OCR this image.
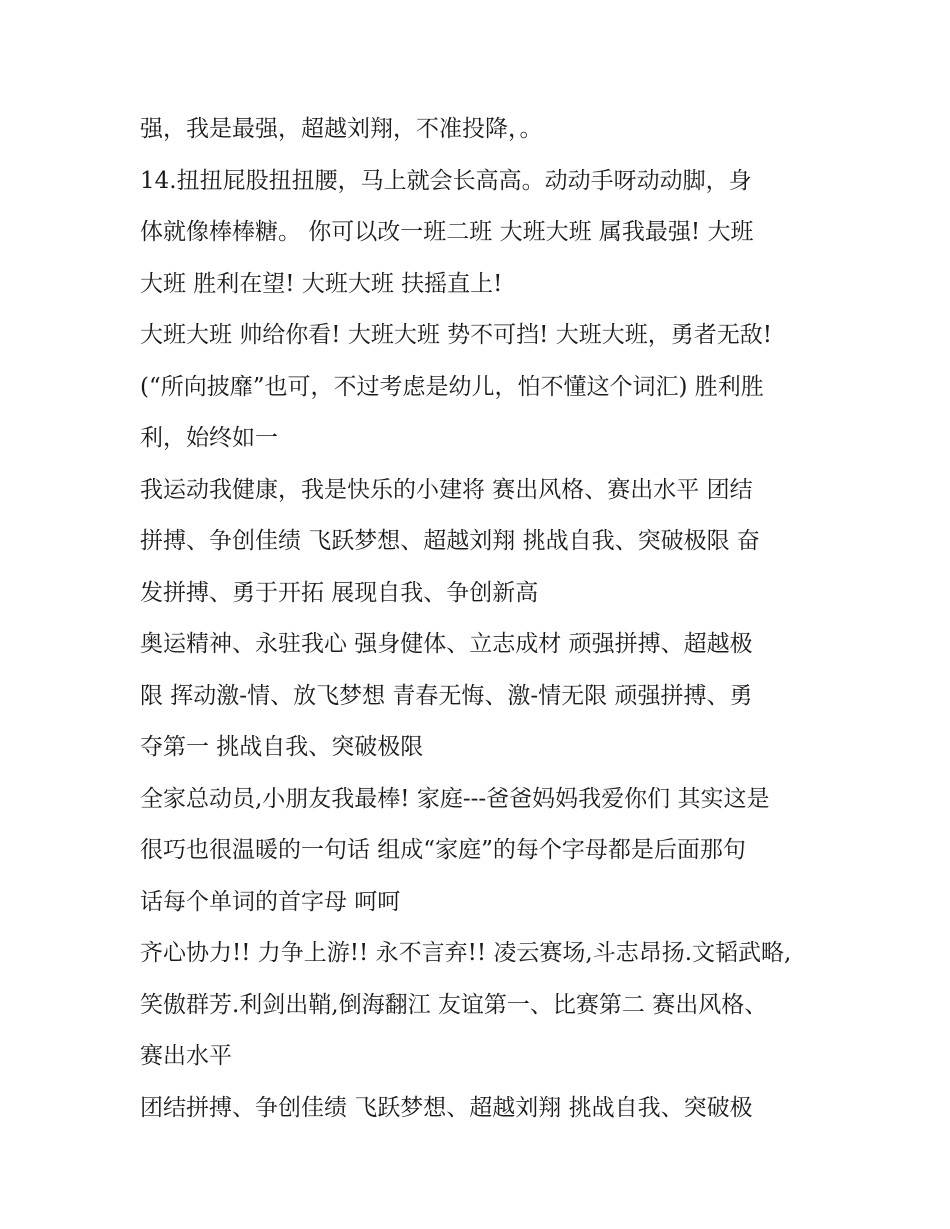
强，我是最强，超越刘翔，不准投降，。
14.扭扭屁股扭扭腰，马上就会长高高。动动手呀动动脚，身
体就像棒棒糖。 你可以改一班二班 大班大班 属我最强! 大班
大班 胜利在望! 大班大班 扶摇直上!
大班大班 帅给你看! 大班大班 势不可挡! 大班大班，勇者无敌!
(“所向披靡”也可，不过考虑是幼儿，怕不懂这个词汇) 胜利胜
利，始终如一
我运动我健康，我是快乐的小建将 赛出风格、赛出水平 团结
拼搏、争创佳绩 飞跃梦想、超越刘翔 挑战自我、突破极限 奋
发拼搏、勇于开拓 展现自我、争创新高
奥运精神、永驻我心 强身健体、立志成材 顽强拼搏、超越极
限 挥动激-情、放飞梦想 青春无悔、激-情无限 顽强拼搏、勇
夺第一 挑战自我、突破极限
全家总动员,小朋友我最棒! 家庭---爸爸妈妈我爱你们 其实这是
很巧也很温暖的一句话 组成“家庭”的每个字母都是后面那句
话每个单词的首字母 呵呵
齐心协力!! 力争上游!! 永不言弃!! 凌云赛场,斗志昂扬.文韬武略,
笑傲群芳.利剑出鞘,倒海翻江 友谊第一、比赛第二 赛出风格、
赛出水平
团结拼搏、争创佳绩 飞跃梦想、超越刘翔 挑战自我、突破极
